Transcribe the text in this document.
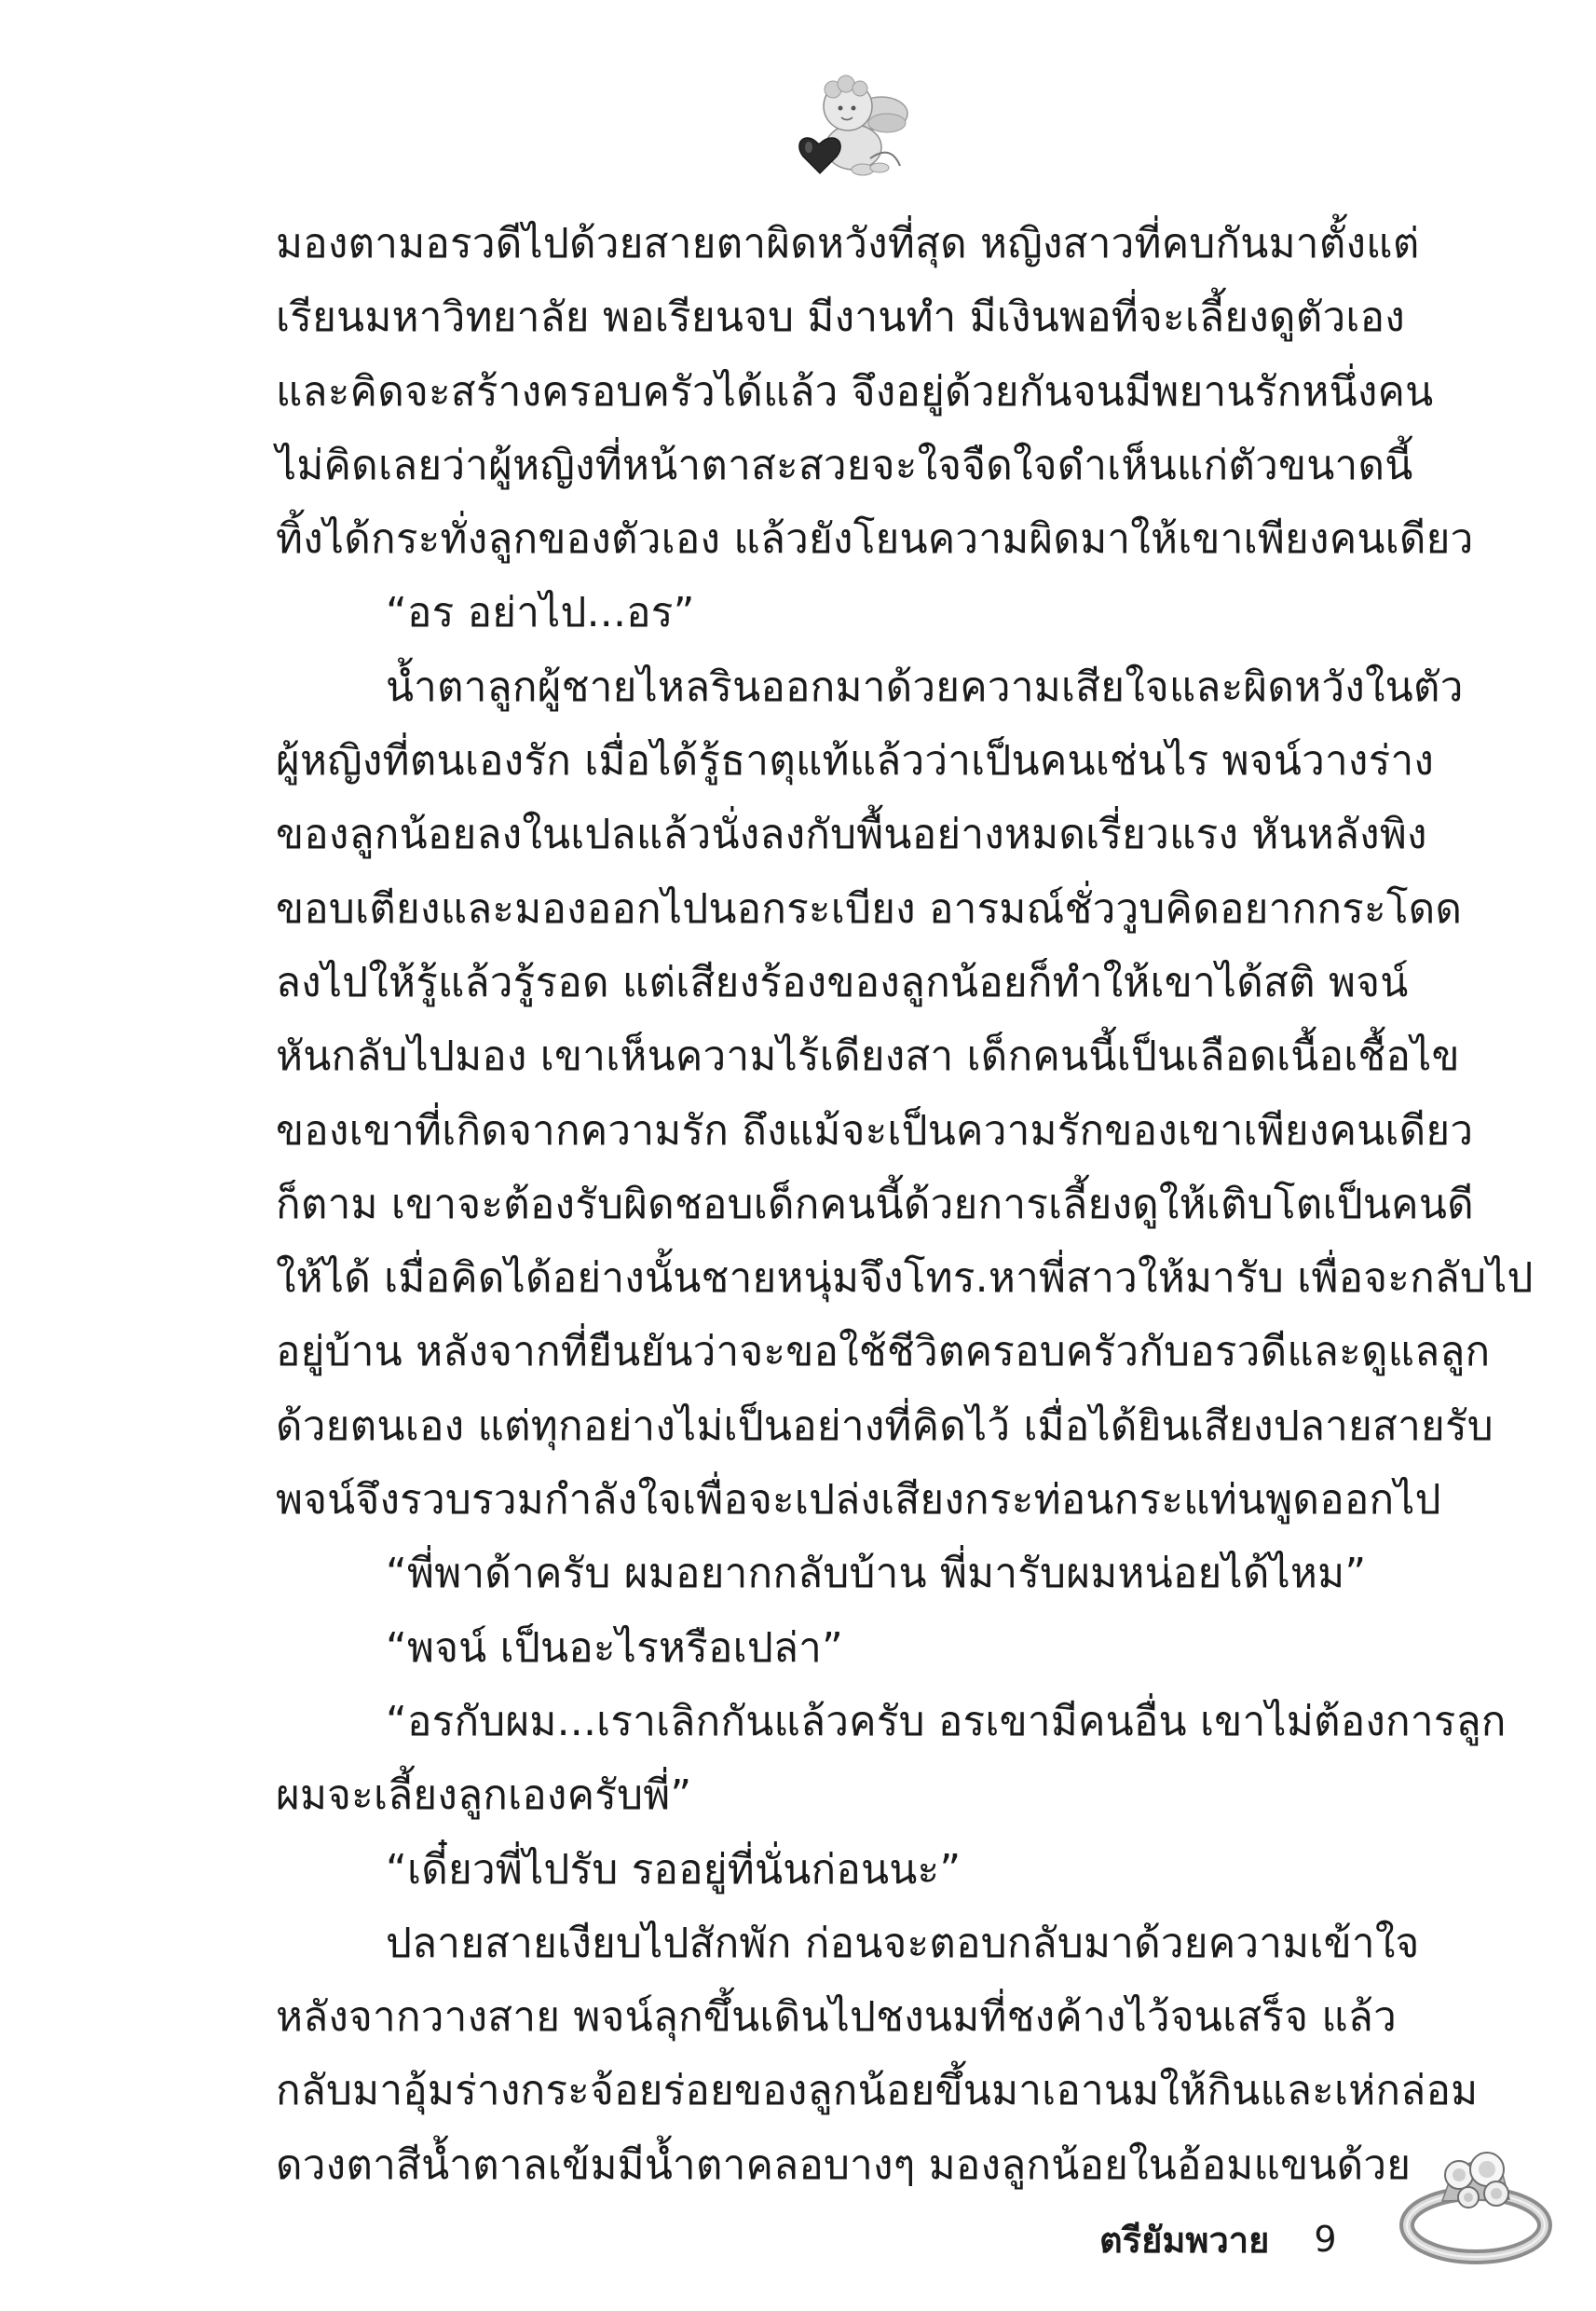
มองตามอรวดีไปด้วยสายตาผิดหวังที่สุด หญิงสาวที่คบกันมาตั้งแต่
เรียนมหาวิทยาลัย พอเรียนจบ มีงานทำ มีเงินพอที่จะเลี้ยงดูตัวเอง
และคิดจะสร้างครอบครัวได้แล้ว จึงอยู่ด้วยกันจนมีพยานรักหนึ่งคน
ไม่คิดเลยว่าผู้หญิงที่หน้าตาสะสวยจะใจจืดใจดำเห็นแก่ตัวขนาดนี้
ทิ้งได้กระทั่งลูกของตัวเอง แล้วยังโยนความผิดมาให้เขาเพียงคนเดียว
“อร อย่าไป...อร”
น้ำตาลูกผู้ชายไหลรินออกมาด้วยความเสียใจและผิดหวังในตัว
ผู้หญิงที่ตนเองรัก เมื่อได้รู้ธาตุแท้แล้วว่าเป็นคนเช่นไร พจน์วางร่าง
ของลูกน้อยลงในเปลแล้วนั่งลงกับพื้นอย่างหมดเรี่ยวแรง หันหลังพิง
ขอบเตียงและมองออกไปนอกระเบียง อารมณ์ชั่ววูบคิดอยากกระโดด
ลงไปให้รู้แล้วรู้รอด แต่เสียงร้องของลูกน้อยก็ทำให้เขาได้สติ พจน์
หันกลับไปมอง เขาเห็นความไร้เดียงสา เด็กคนนี้เป็นเลือดเนื้อเชื้อไข
ของเขาที่เกิดจากความรัก ถึงแม้จะเป็นความรักของเขาเพียงคนเดียว
ก็ตาม เขาจะต้องรับผิดชอบเด็กคนนี้ด้วยการเลี้ยงดูให้เติบโตเป็นคนดี
ให้ได้ เมื่อคิดได้อย่างนั้นชายหนุ่มจึงโทร.หาพี่สาวให้มารับ เพื่อจะกลับไป
อยู่บ้าน หลังจากที่ยืนยันว่าจะขอใช้ชีวิตครอบครัวกับอรวดีและดูแลลูก
ด้วยตนเอง แต่ทุกอย่างไม่เป็นอย่างที่คิดไว้ เมื่อได้ยินเสียงปลายสายรับ
พจน์จึงรวบรวมกำลังใจเพื่อจะเปล่งเสียงกระท่อนกระแท่นพูดออกไป
“พี่พาด้าครับ ผมอยากกลับบ้าน พี่มารับผมหน่อยได้ไหม”
“พจน์ เป็นอะไรหรือเปล่า”
“อรกับผม...เราเลิกกันแล้วครับ อรเขามีคนอื่น เขาไม่ต้องการลูก
ผมจะเลี้ยงลูกเองครับพี่”
“เดี๋ยวพี่ไปรับ รออยู่ที่นั่นก่อนนะ”
ปลายสายเงียบไปสักพัก ก่อนจะตอบกลับมาด้วยความเข้าใจ
หลังจากวางสาย พจน์ลุกขึ้นเดินไปชงนมที่ชงค้างไว้จนเสร็จ แล้ว
กลับมาอุ้มร่างกระจ้อยร่อยของลูกน้อยขึ้นมาเอานมให้กินและเห่กล่อม
ดวงตาสีน้ำตาลเข้มมีน้ำตาคลอบางๆ มองลูกน้อยในอ้อมแขนด้วย
ตรียัมพวาย 9
